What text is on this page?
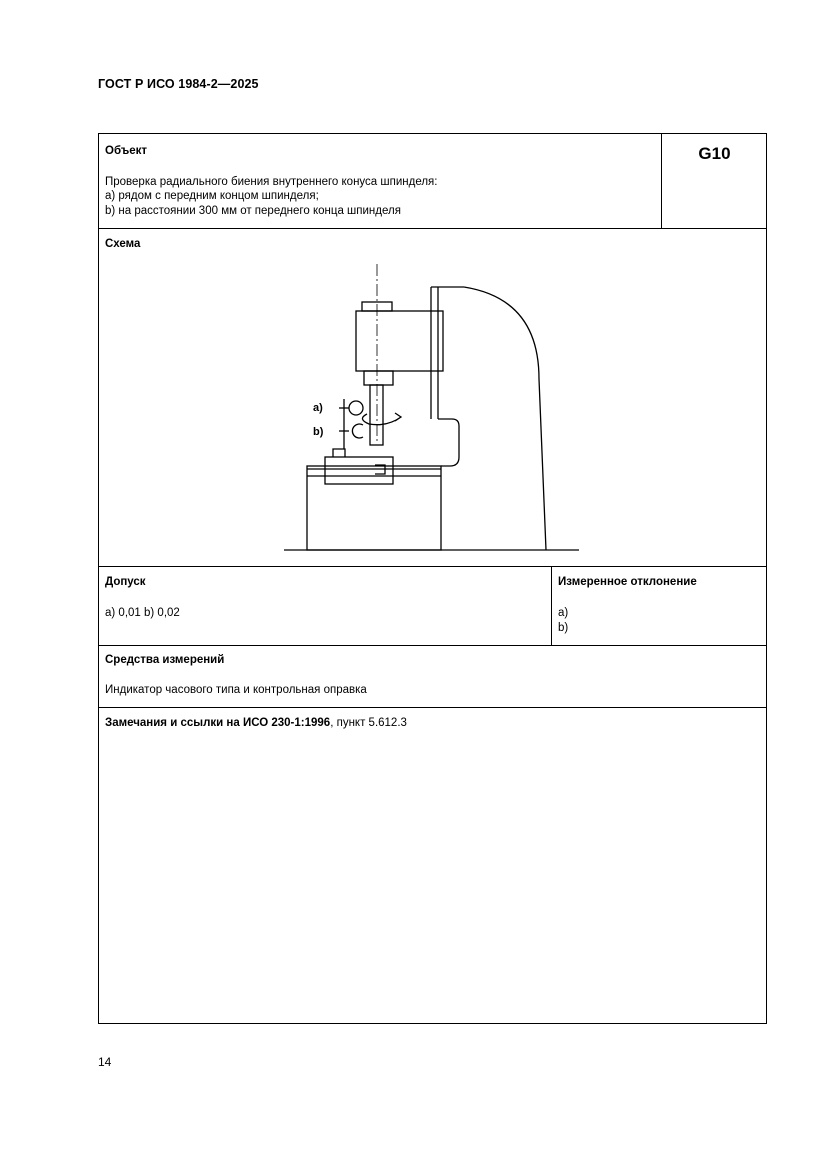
ГОСТ Р ИСО 1984-2—2025
Объект	G10
Проверка радиального биения внутреннего конуса шпинделя:
a) рядом с передним концом шпинделя;
b) на расстоянии 300 мм от переднего конца шпинделя
Схема
a)
b)
Допуск
a) 0,01 b) 0,02
Измеренное отклонение
a)
b)
Средства измерений
Индикатор часового типа и контрольная оправка
Замечания и ссылки на ИСО 230-1:1996, пункт 5.612.3
14
